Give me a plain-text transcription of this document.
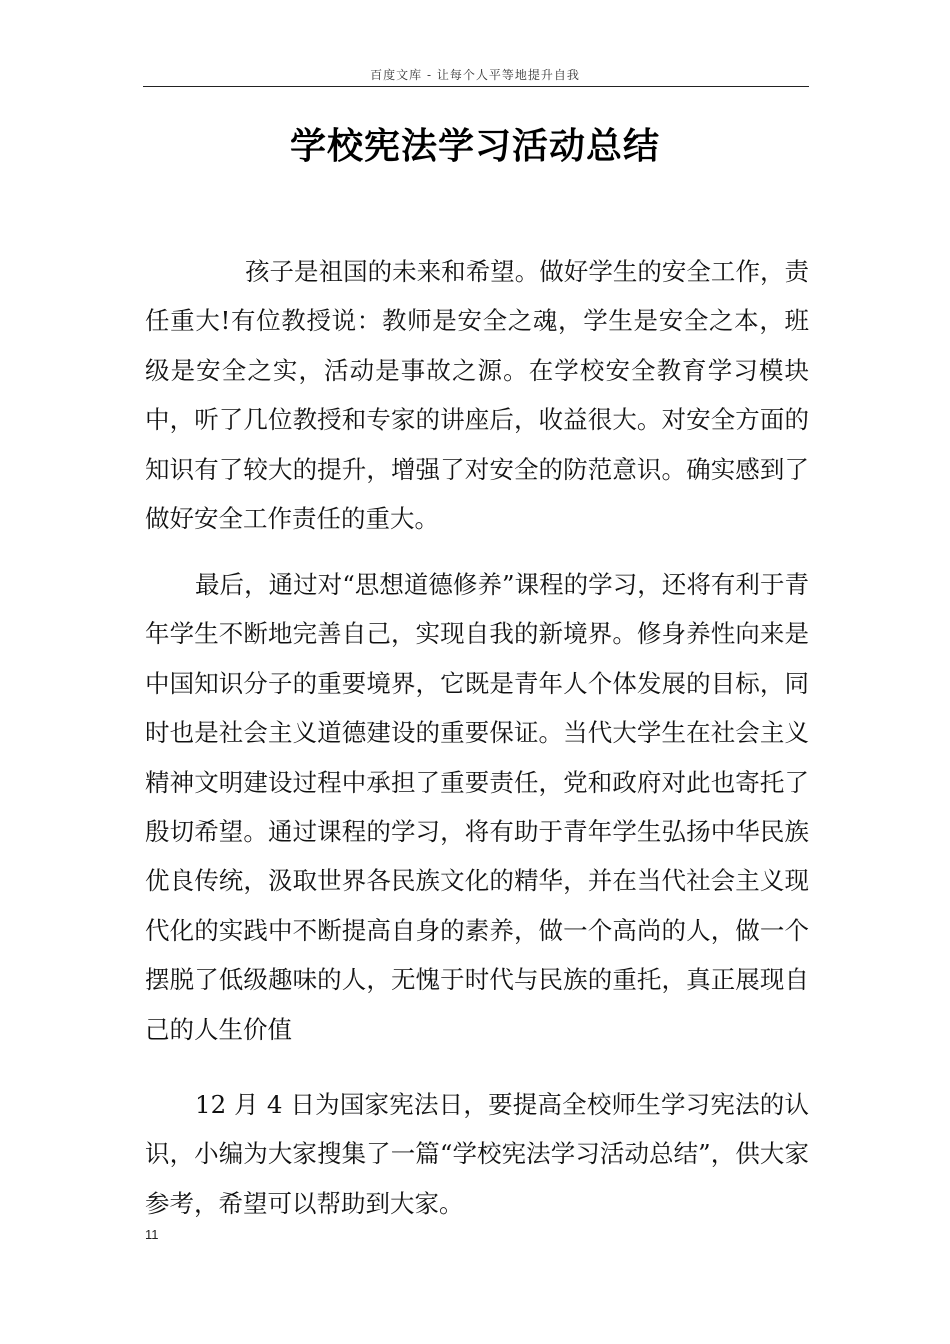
百度文库 - 让每个人平等地提升自我
学校宪法学习活动总结

孩子是祖国的未来和希望。做好学生的安全工作，责任重大!有位教授说：教师是安全之魂，学生是安全之本，班级是安全之实，活动是事故之源。在学校安全教育学习模块中，听了几位教授和专家的讲座后，收益很大。对安全方面的知识有了较大的提升，增强了对安全的防范意识。确实感到了做好安全工作责任的重大。

最后，通过对“思想道德修养”课程的学习，还将有利于青年学生不断地完善自己，实现自我的新境界。修身养性向来是中国知识分子的重要境界，它既是青年人个体发展的目标，同时也是社会主义道德建设的重要保证。当代大学生在社会主义精神文明建设过程中承担了重要责任，党和政府对此也寄托了殷切希望。通过课程的学习，将有助于青年学生弘扬中华民族优良传统，汲取世界各民族文化的精华，并在当代社会主义现代化的实践中不断提高自身的素养，做一个高尚的人，做一个摆脱了低级趣味的人，无愧于时代与民族的重托，真正展现自己的人生价值

12 月 4 日为国家宪法日，要提高全校师生学习宪法的认识，小编为大家搜集了一篇“学校宪法学习活动总结”，供大家参考，希望可以帮助到大家。

11
